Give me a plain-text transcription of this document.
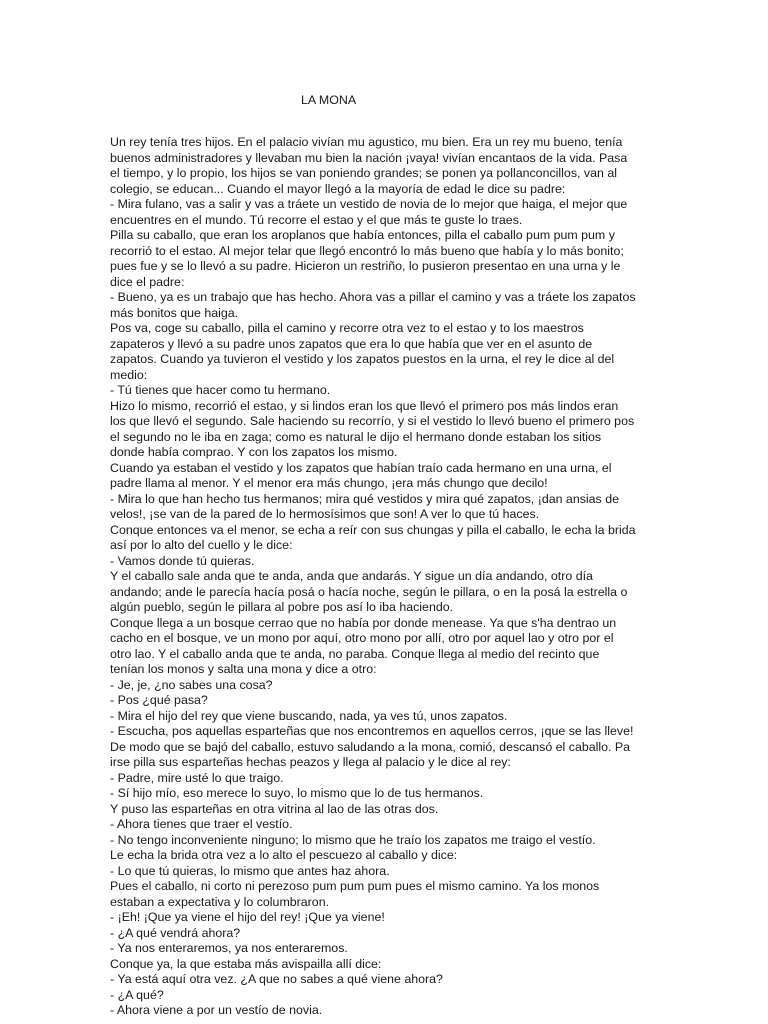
LA MONA
Un rey tenía tres hijos. En el palacio vivían mu agustico, mu bien. Era un rey mu bueno, tenía
buenos administradores y llevaban mu bien la nación ¡vaya! vivían encantaos de la vida. Pasa
el tiempo, y lo propio, los hijos se van poniendo grandes; se ponen ya pollanconcillos, van al
colegio, se educan... Cuando el mayor llegó a la mayoría de edad le dice su padre:
- Mira fulano, vas a salir y vas a tráete un vestido de novia de lo mejor que haiga, el mejor que
encuentres en el mundo. Tú recorre el estao y el que más te guste lo traes.
Pilla su caballo, que eran los aroplanos que había entonces, pilla el caballo pum pum pum y
recorrió to el estao. Al mejor telar que llegó encontró lo más bueno que había y lo más bonito;
pues fue y se lo llevó a su padre. Hicieron un restriño, lo pusieron presentao en una urna y le
dice el padre:
- Bueno, ya es un trabajo que has hecho. Ahora vas a pillar el camino y vas a tráete los zapatos
más bonitos que haiga.
Pos va, coge su caballo, pilla el camino y recorre otra vez to el estao y to los maestros
zapateros y llevó a su padre unos zapatos que era lo que había que ver en el asunto de
zapatos. Cuando ya tuvieron el vestido y los zapatos puestos en la urna, el rey le dice al del
medio:
- Tú tienes que hacer como tu hermano.
Hizo lo mismo, recorrió el estao, y si lindos eran los que llevó el primero pos más lindos eran
los que llevó el segundo. Sale haciendo su recorrío, y si el vestido lo llevó bueno el primero pos
el segundo no le iba en zaga; como es natural le dijo el hermano donde estaban los sitios
donde había comprao. Y con los zapatos los mismo.
Cuando ya estaban el vestido y los zapatos que habían traío cada hermano en una urna, el
padre llama al menor. Y el menor era más chungo, ¡era más chungo que decilo!
- Mira lo que han hecho tus hermanos; mira qué vestidos y mira qué zapatos, ¡dan ansias de
velos!, ¡se van de la pared de lo hermosísimos que son! A ver lo que tú haces.
Conque entonces va el menor, se echa a reír con sus chungas y pilla el caballo, le echa la brida
así por lo alto del cuello y le dice:
- Vamos donde tú quieras.
Y el caballo sale anda que te anda, anda que andarás. Y sigue un día andando, otro día
andando; ande le parecía hacía posá o hacía noche, según le pillara, o en la posá la estrella o
algún pueblo, según le pillara al pobre pos así lo iba haciendo.
Conque llega a un bosque cerrao que no había por donde menease. Ya que s'ha dentrao un
cacho en el bosque, ve un mono por aquí, otro mono por allí, otro por aquel lao y otro por el
otro lao. Y el caballo anda que te anda, no paraba. Conque llega al medio del recinto que
tenían los monos y salta una mona y dice a otro:
- Je, je, ¿no sabes una cosa?
- Pos ¿qué pasa?
- Mira el hijo del rey que viene buscando, nada, ya ves tú, unos zapatos.
- Escucha, pos aquellas esparteñas que nos encontremos en aquellos cerros, ¡que se las lleve!
De modo que se bajó del caballo, estuvo saludando a la mona, comió, descansó el caballo. Pa
irse pilla sus esparteñas hechas peazos y llega al palacio y le dice al rey:
- Padre, mire usté lo que traigo.
- Sí hijo mío, eso merece lo suyo, lo mismo que lo de tus hermanos.
Y puso las esparteñas en otra vitrina al lao de las otras dos.
- Ahora tienes que traer el vestío.
- No tengo inconveniente ninguno; lo mismo que he traío los zapatos me traigo el vestío.
Le echa la brida otra vez a lo alto el pescuezo al caballo y dice:
- Lo que tú quieras, lo mismo que antes haz ahora.
Pues el caballo, ni corto ni perezoso pum pum pum pues el mismo camino. Ya los monos
estaban a expectativa y lo columbraron.
- ¡Eh! ¡Que ya viene el hijo del rey! ¡Que ya viene!
- ¿A qué vendrá ahora?
- Ya nos enteraremos, ya nos enteraremos.
Conque ya, la que estaba más avispailla allí dice:
- Ya está aquí otra vez. ¿A que no sabes a qué viene ahora?
- ¿A qué?
- Ahora viene a por un vestío de novia.
